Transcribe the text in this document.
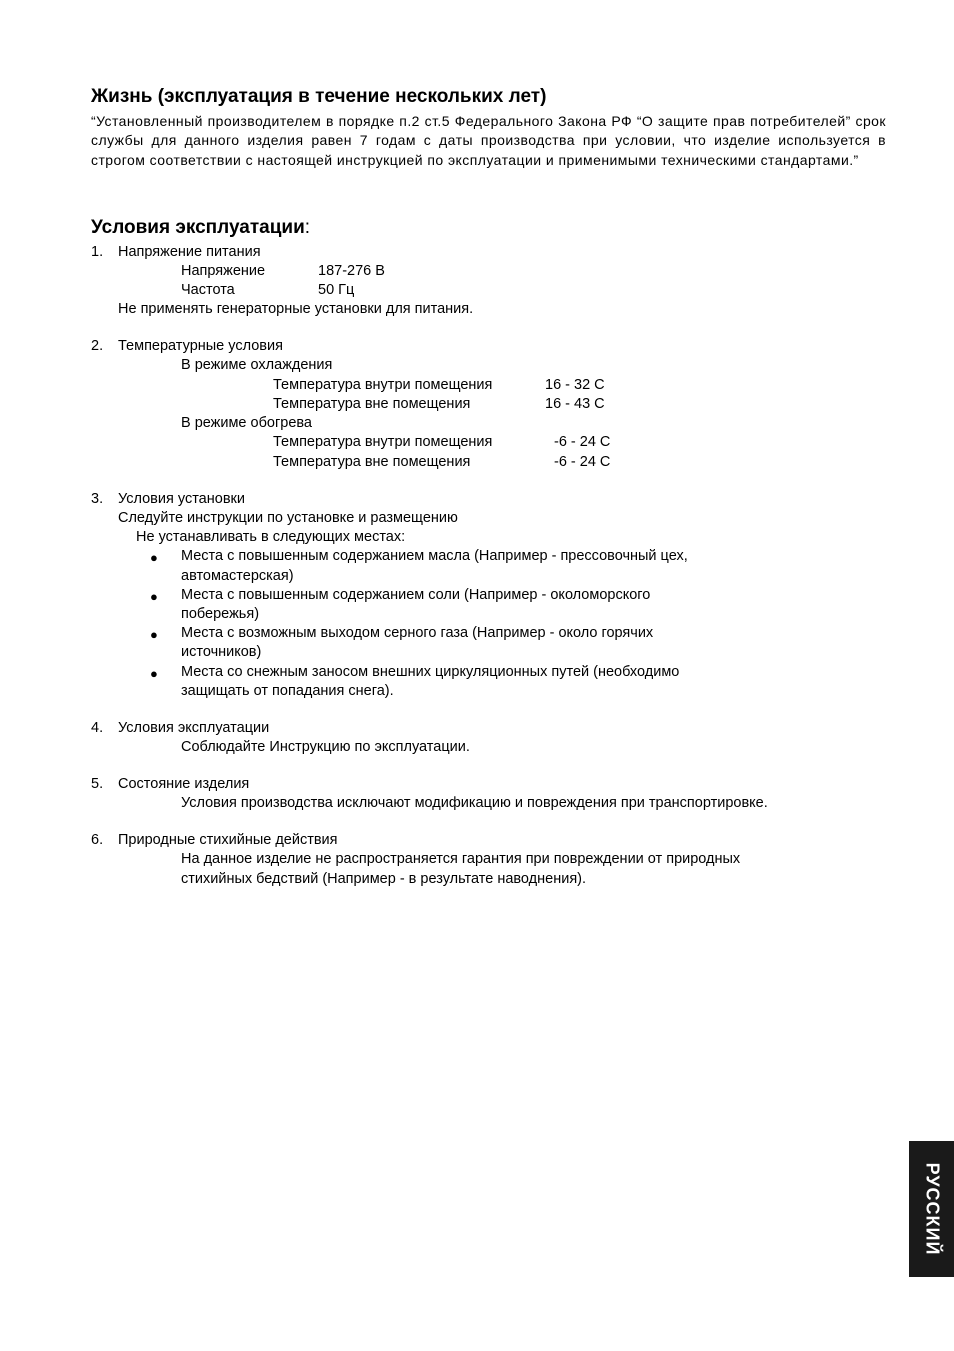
Жизнь (эксплуатация в течение нескольких лет)
“Установленный производителем в порядке п.2 ст.5 Федерального Закона РФ “О защите прав потребителей” срок службы для данного изделия равен 7 годам с даты производства при условии, что изделие используется в строгом соответствии с настоящей инструкцией по эксплуатации и применимыми техническими стандартами.”
Условия эксплуатации:
1. Напряжение питания
Напряжение	187-276 В
Частота	50 Гц
Не применять генераторные установки для питания.
2. Температурные условия
В режиме охлаждения
Температура внутри помещения	16 - 32 С
Температура вне помещения	16 - 43 С
В режиме обогрева
Температура внутри помещения	-6 - 24 С
Температура вне помещения	-6 - 24 С
3. Условия установки
Следуйте инструкции по установке и размещению
Не устанавливать в следующих местах:
● Места с повышенным содержанием масла (Например - прессовочный цех,
автомастерская)
● Места с повышенным содержанием соли (Например - околоморского
побережья)
● Места с возможным выходом серного газа (Например - около горячих
источников)
● Места со снежным заносом внешних циркуляционных путей (необходимо
защищать от попадания снега).
4. Условия эксплуатации
Соблюдайте Инструкцию по эксплуатации.
5. Состояние изделия
Условия производства исключают модификацию и повреждения при транспортировке.
6. Природные стихийные действия
На данное изделие не распространяется гарантия при повреждении от природных
стихийных бедствий (Например - в результате наводнения).
РУССКИЙ
